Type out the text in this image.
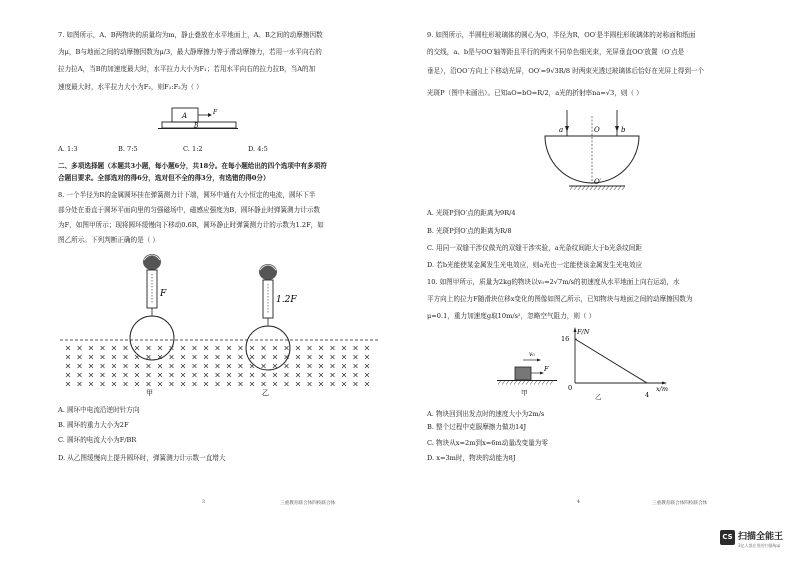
7. 如图所示，A、B两物块的质量均为m，静止叠放在水平地面上，A、B之间的动摩擦因数
为μ，B与地面之间的动摩擦因数为μ/3，最大静摩擦力等于滑动摩擦力，若用一水平向右的
拉力拉A，当B的加速度最大时，水平拉力大小为F₁；若用水平向右的拉力拉B，当A的加
速度最大时，水平拉力大小为F₂，则F₁:F₂为（ ）
A
B
F
A. 1:3	B. 7:5	C. 1:2	D. 4:5
二、多项选择题（本题共3小题，每小题6分，共18分。在每小题给出的四个选项中有多项符
合题目要求。全部选对的得6分，选对但不全的得3分，有选错的得0分）
8. 一个半径为R的金属圆环挂在弹簧测力计下端，圆环中通有大小恒定的电流，圆环下半
部分处在垂直于圆环平面向里的匀强磁场中，磁感应强度为B，圆环静止时弹簧测力计示数
为F，如图甲所示；现将圆环缓慢向下移动0.6R，圆环静止时弹簧测力计的示数为1.2F，如
图乙所示。下列判断正确的是（ ）
F
1.2F
甲	乙
A. 圆环中电流沿逆时针方向
B. 圆环的重力大小为2F
C. 圆环的电流大小为F/BR
D. 从乙图缓慢向上提升圆环时，弹簧测力计示数一直增大
3	三重教育联合体四校联合体
9. 如图所示，半圆柱形玻璃体的圆心为O，半径为R，OO′是半圆柱形玻璃体的对称面和纸面
的交线，a、b是与OO′轴等距且平行的两束不同单色细光束，光屏垂直OO′放置（O′点是
垂足），沿OO′方向上下移动光屏，OO′=9√3R/8 时两束光透过玻璃体后恰好在光屏上得到一个
光斑P（图中未画出）。已知aO=bO=R/2，a光的折射率na=√3，则（ ）
a	O	b
O′
A. 光斑P到O′点的距离为9R/4
B. 光斑P到O′点的距离为R/8
C. 用同一双缝干涉仪做光的双缝干涉实验，a光条纹间距大于b光条纹间距
D. 若b光能使某金属发生光电效应，则a光也一定能使该金属发生光电效应
10. 如图甲所示，质量为2kg的物块以v₀=2√7m/s的初速度从水平地面上向右运动，水
平方向上的拉力F随滑块位移x变化的图像如图乙所示，已知物块与地面之间的动摩擦因数为
μ=0.1，重力加速度g取10m/s²，忽略空气阻力，则（ ）
v₀
F
甲
F/N
16
0	x/m
4
乙
A. 物块回到出发点时的速度大小为2m/s
B. 整个过程中克服摩擦力做功14J
C. 物块从x=2m到x=6m动量改变量为零
D. x=3m时，物块的动能为8J
4	三重教育联合体四校联合体
CS 扫描全能王
3亿人都在用的扫描App
